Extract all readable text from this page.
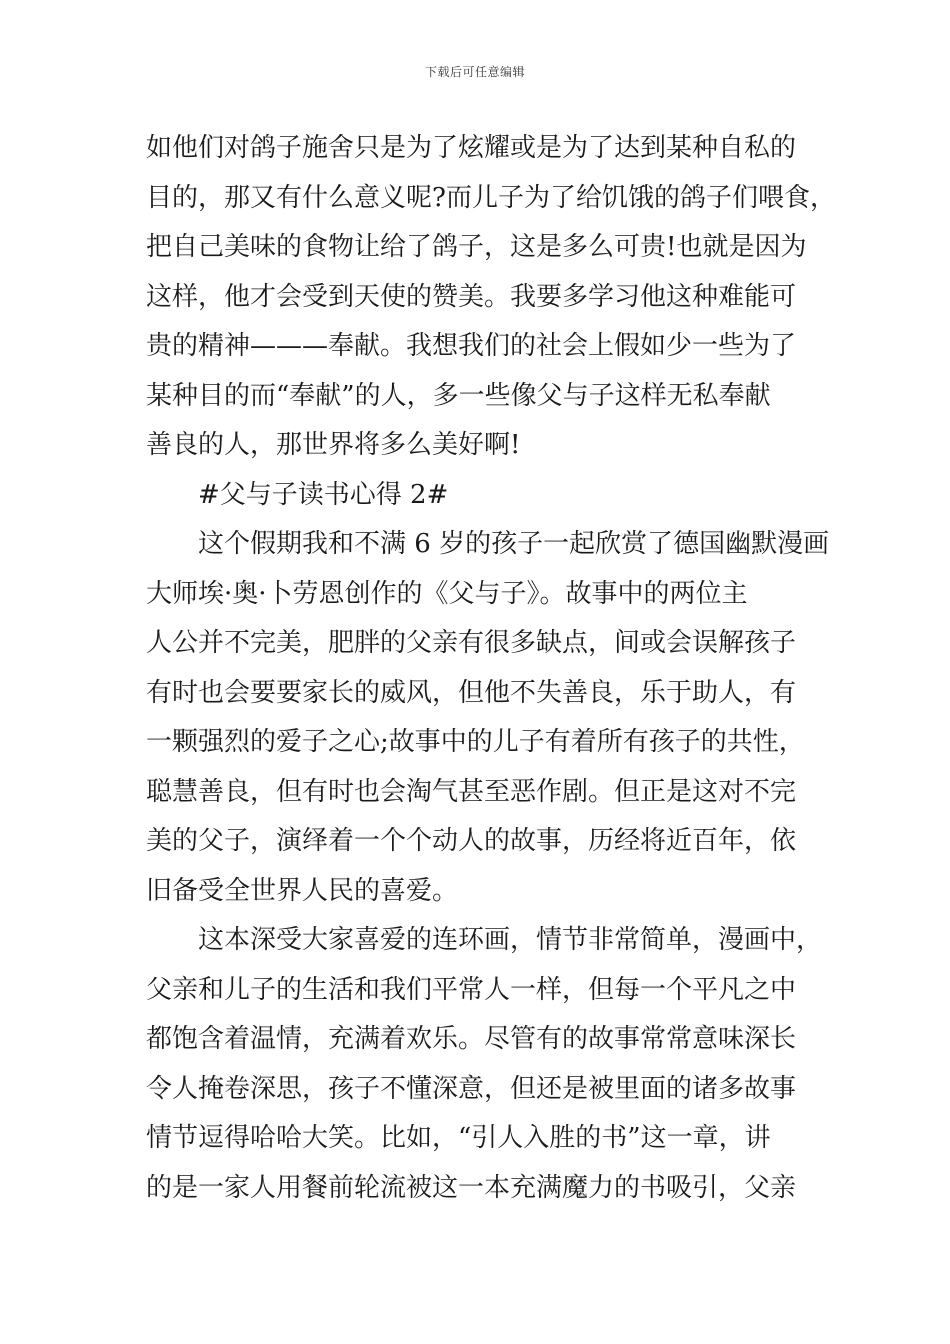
下载后可任意编辑
如他们对鸽子施舍只是为了炫耀或是为了达到某种自私的
目的，那又有什么意义呢?而儿子为了给饥饿的鸽子们喂食，
把自己美味的食物让给了鸽子，这是多么可贵!也就是因为
这样，他才会受到天使的赞美。我要多学习他这种难能可
贵的精神———奉献。我想我们的社会上假如少一些为了
某种目的而“奉献”的人，多一些像父与子这样无私奉献
善良的人，那世界将多么美好啊!
#父与子读书心得 2#
这个假期我和不满 6 岁的孩子一起欣赏了德国幽默漫画
大师埃·奥·卜劳恩创作的《父与子》。故事中的两位主
人公并不完美，肥胖的父亲有很多缺点，间或会误解孩子
有时也会要要家长的威风，但他不失善良，乐于助人，有
一颗强烈的爱子之心;故事中的儿子有着所有孩子的共性，
聪慧善良，但有时也会淘气甚至恶作剧。但正是这对不完
美的父子，演绎着一个个动人的故事，历经将近百年，依
旧备受全世界人民的喜爱。
这本深受大家喜爱的连环画，情节非常简单，漫画中，
父亲和儿子的生活和我们平常人一样，但每一个平凡之中
都饱含着温情，充满着欢乐。尽管有的故事常常意味深长
令人掩卷深思，孩子不懂深意，但还是被里面的诸多故事
情节逗得哈哈大笑。比如，“引人入胜的书”这一章，讲
的是一家人用餐前轮流被这一本充满魔力的书吸引，父亲
